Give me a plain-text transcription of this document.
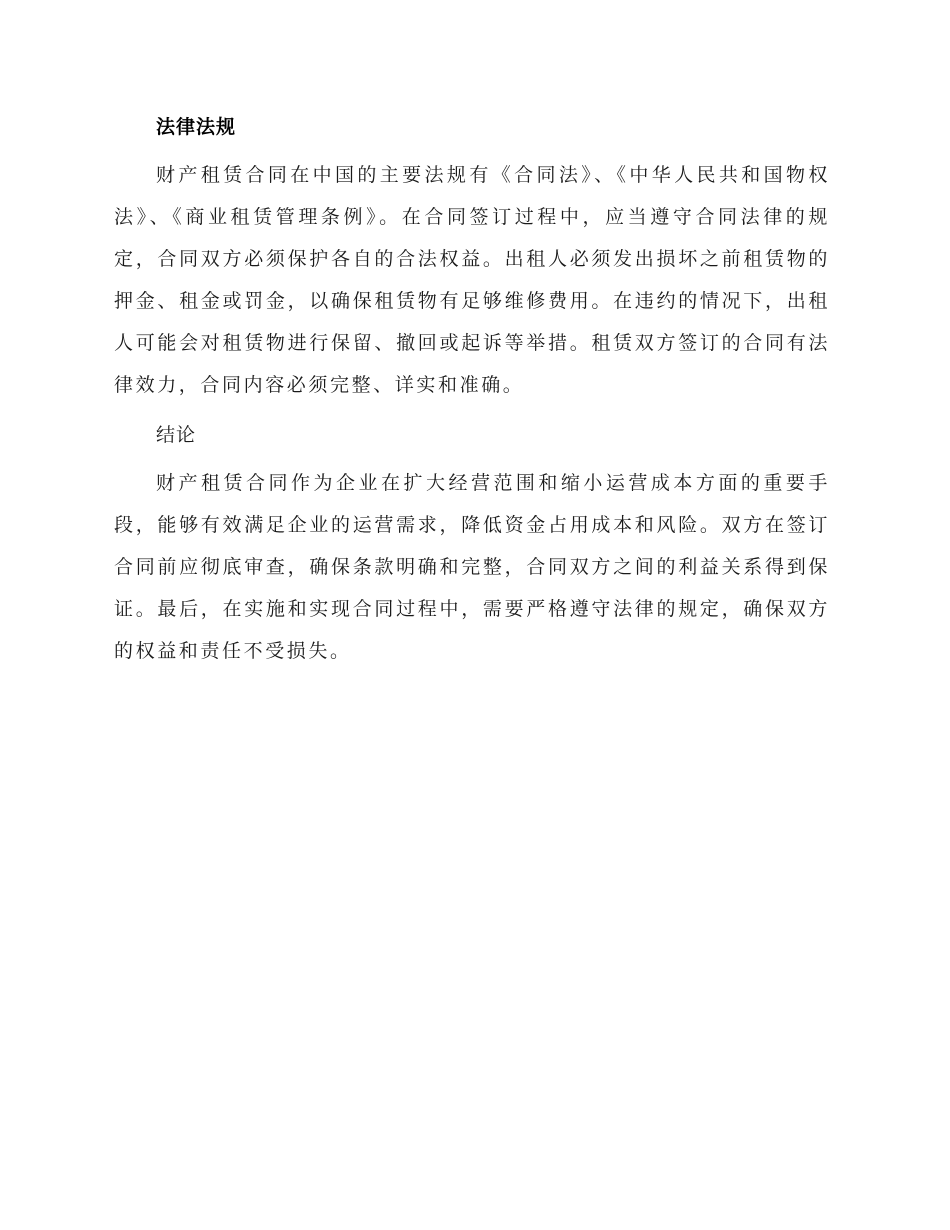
法律法规

财产租赁合同在中国的主要法规有《合同法》、《中华人民共和国物权法》、《商业租赁管理条例》。在合同签订过程中，应当遵守合同法律的规定，合同双方必须保护各自的合法权益。出租人必须发出损坏之前租赁物的押金、租金或罚金，以确保租赁物有足够维修费用。在违约的情况下，出租人可能会对租赁物进行保留、撤回或起诉等举措。租赁双方签订的合同有法律效力，合同内容必须完整、详实和准确。

结论

财产租赁合同作为企业在扩大经营范围和缩小运营成本方面的重要手段，能够有效满足企业的运营需求，降低资金占用成本和风险。双方在签订合同前应彻底审查，确保条款明确和完整，合同双方之间的利益关系得到保证。最后，在实施和实现合同过程中，需要严格遵守法律的规定，确保双方的权益和责任不受损失。
